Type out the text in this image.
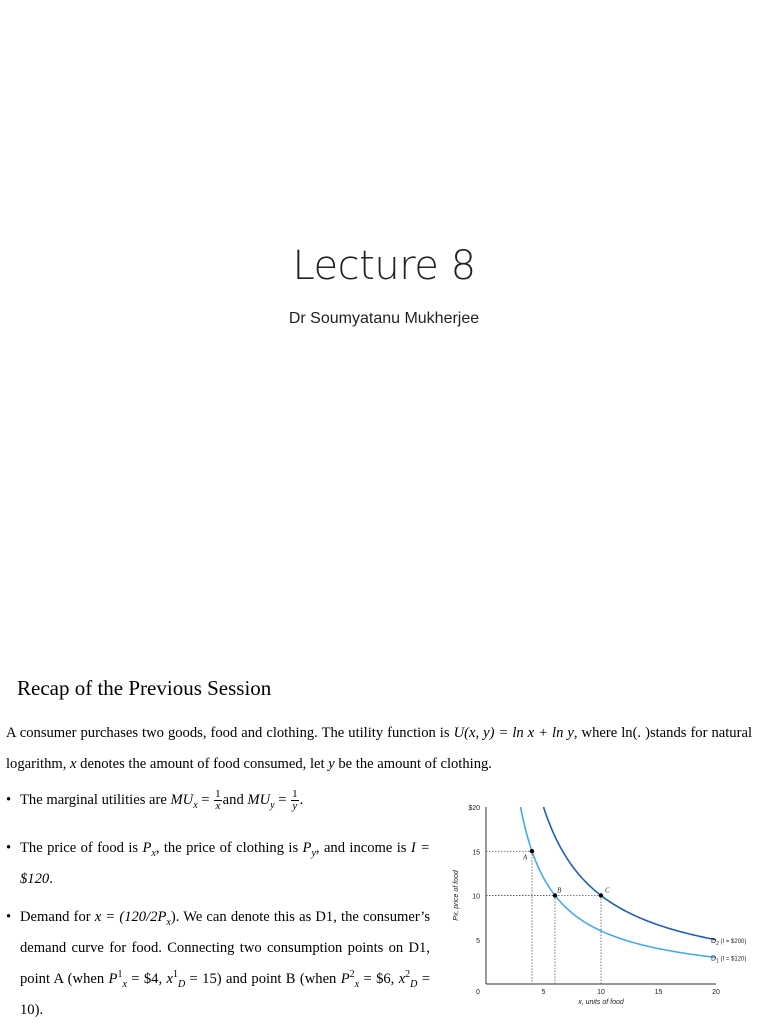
Lecture 8
Dr Soumyatanu Mukherjee
Recap of the Previous Session
A consumer purchases two goods, food and clothing. The utility function is U(x, y) = ln x + ln y, where ln(. )stands for natural logarithm, x denotes the amount of food consumed, let y be the amount of clothing.
• The marginal utilities are $MU_x = \frac{1}{x}$ and $MU_y = \frac{1}{y}$ .
• The price of food is $P_x$, the price of clothing is $P_y$, and income is I = $120.
• Demand for $x = (120/2P_x)$. We can denote this as D1, the consumer’s demand curve for food. Connecting two consumption points on D1, point A (when $P^1_x$ = $4, $x^1_D = 15$) and point B (when $P^2_x$ = $6, $x^2_D = 10$).
$20
15
10
5
0	5	10	15	20
x, units of food
Px, price of food
$D_2$ (I = $200)
$D_1$ (I = $120)
A
B	C
